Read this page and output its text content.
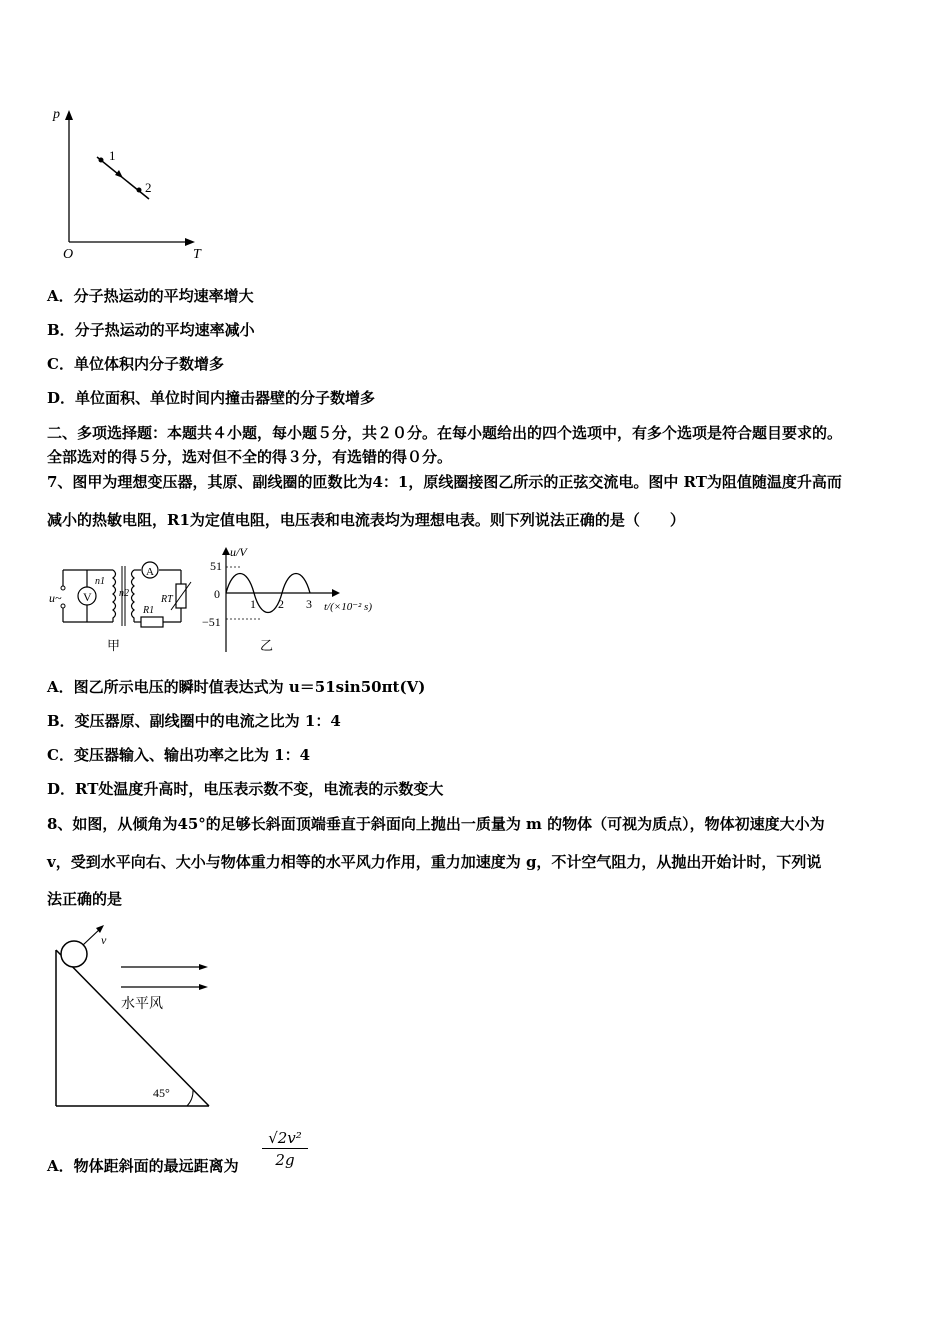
p
T
O
1
2
A．分子热运动的平均速率增大
B．分子热运动的平均速率减小
C．单位体积内分子数增多
D．单位面积、单位时间内撞击器壁的分子数增多
二、多项选择题：本题共４小题，每小题５分，共２０分。在每小题给出的四个选项中，有多个选项是符合题目要求的。
全部选对的得５分，选对但不全的得３分，有选错的得０分。
7、图甲为理想变压器，其原、副线圈的匝数比为4：1，原线圈接图乙所示的正弦交流电。图中 RT为阻值随温度升高而
减小的热敏电阻，R1为定值电阻，电压表和电流表均为理想电表。则下列说法正确的是（　　）
u~ V
n1
n2
A
RT
R1
甲
u/V
51
0
−51
1 2 3 t/(×10⁻² s)
乙
A．图乙所示电压的瞬时值表达式为 u＝51sin50πt(V)
B．变压器原、副线圈中的电流之比为 1：4
C．变压器输入、输出功率之比为 1：4
D．RT处温度升高时，电压表示数不变，电流表的示数变大
8、如图，从倾角为45°的足够长斜面顶端垂直于斜面向上抛出一质量为 m 的物体（可视为质点），物体初速度大小为
v，受到水平向右、大小与物体重力相等的水平风力作用，重力加速度为 g，不计空气阻力，从抛出开始计时，下列说
法正确的是
v
水平风
45°
A．物体距斜面的最远距离为 $\frac{\text{√2v²}}{2g}$
